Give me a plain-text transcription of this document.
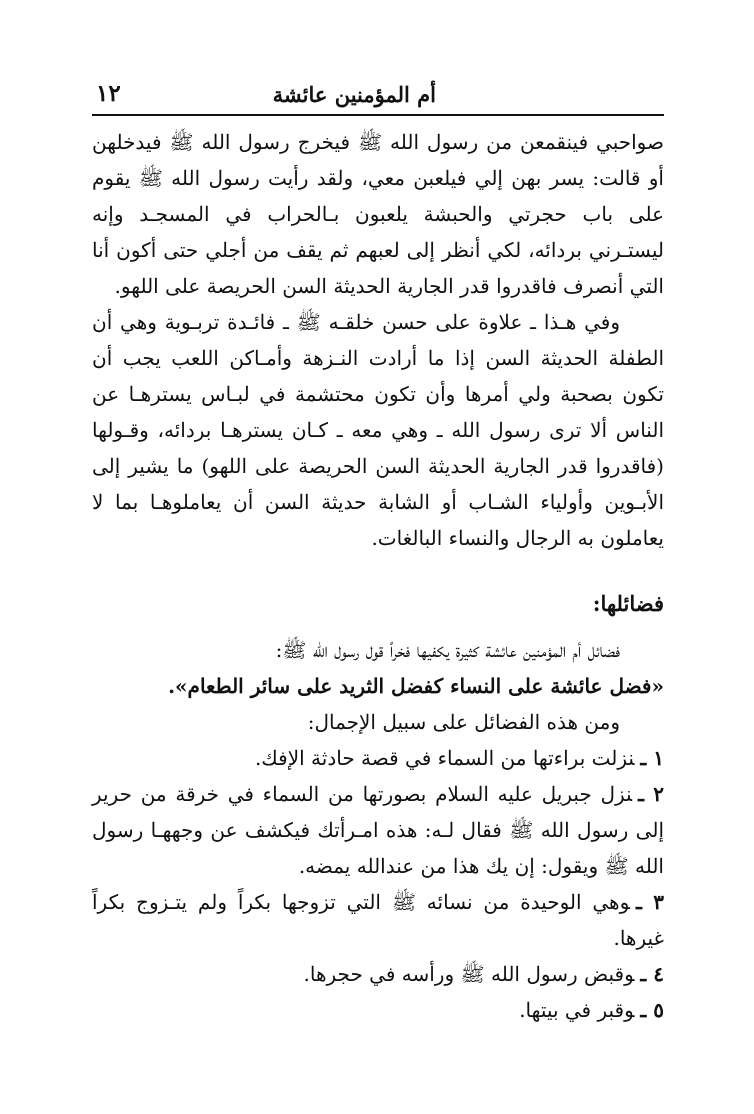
أم المؤمنين عائشة
١٢

صواحبي فينقمعن من رسول الله ﷺ فيخرج رسول الله ﷺ فيدخلهن أو قالت: يسر بهن إلي فيلعبن معي، ولقد رأيت رسول الله ﷺ يقوم على باب حجرتي والحبشة يلعبون بـالحراب في المسجـد وإنه ليستـرني بردائه، لكي أنظر إلى لعبهم ثم يقف من أجلي حتى أكون أنا التي أنصرف فاقدروا قدر الجارية الحديثة السن الحريصة على اللهو.

وفي هـذا ـ علاوة على حسن خلقـه ﷺ ـ فائـدة تربـوية وهي أن الطفلة الحديثة السن إذا ما أرادت النـزهة وأمـاكن اللعب يجب أن تكون بصحبة ولي أمرها وأن تكون محتشمة في لبـاس يسترهـا عن الناس ألا ترى رسول الله ـ وهي معه ـ كـان يسترهـا بردائه، وقـولها (فاقدروا قدر الجارية الحديثة السن الحريصة على اللهو) ما يشير إلى الأبـوين وأولياء الشـاب أو الشابة حديثة السن أن يعاملوهـا بما لا يعاملون به الرجال والنساء البالغات.

فضائلها:

فضائل أم المؤمنين عائشة كثيرة يكفيها فخراً قول رسول الله ﷺ:

«فضل عائشة على النساء كفضل الثريد على سائر الطعام».

ومن هذه الفضائل على سبيل الإجمال:

١ ـنزلت براءتها من السماء في قصة حادثة الإفك.
٢ ـنزل جبريل عليه السلام بصورتها من السماء في خرقة من حرير إلى رسول الله ﷺ فقال لـه: هذه امـرأتك فيكشف عن وجههـا رسول الله ﷺ ويقول: إن يك هذا من عندالله يمضه.
٣ ـوهي الوحيدة من نسائه ﷺ التي تزوجها بكراً ولم يتـزوج بكراً غيرها.
٤ ـوقبض رسول الله ﷺ ورأسه في حجرها.
٥ ـوقبر في بيتها.
